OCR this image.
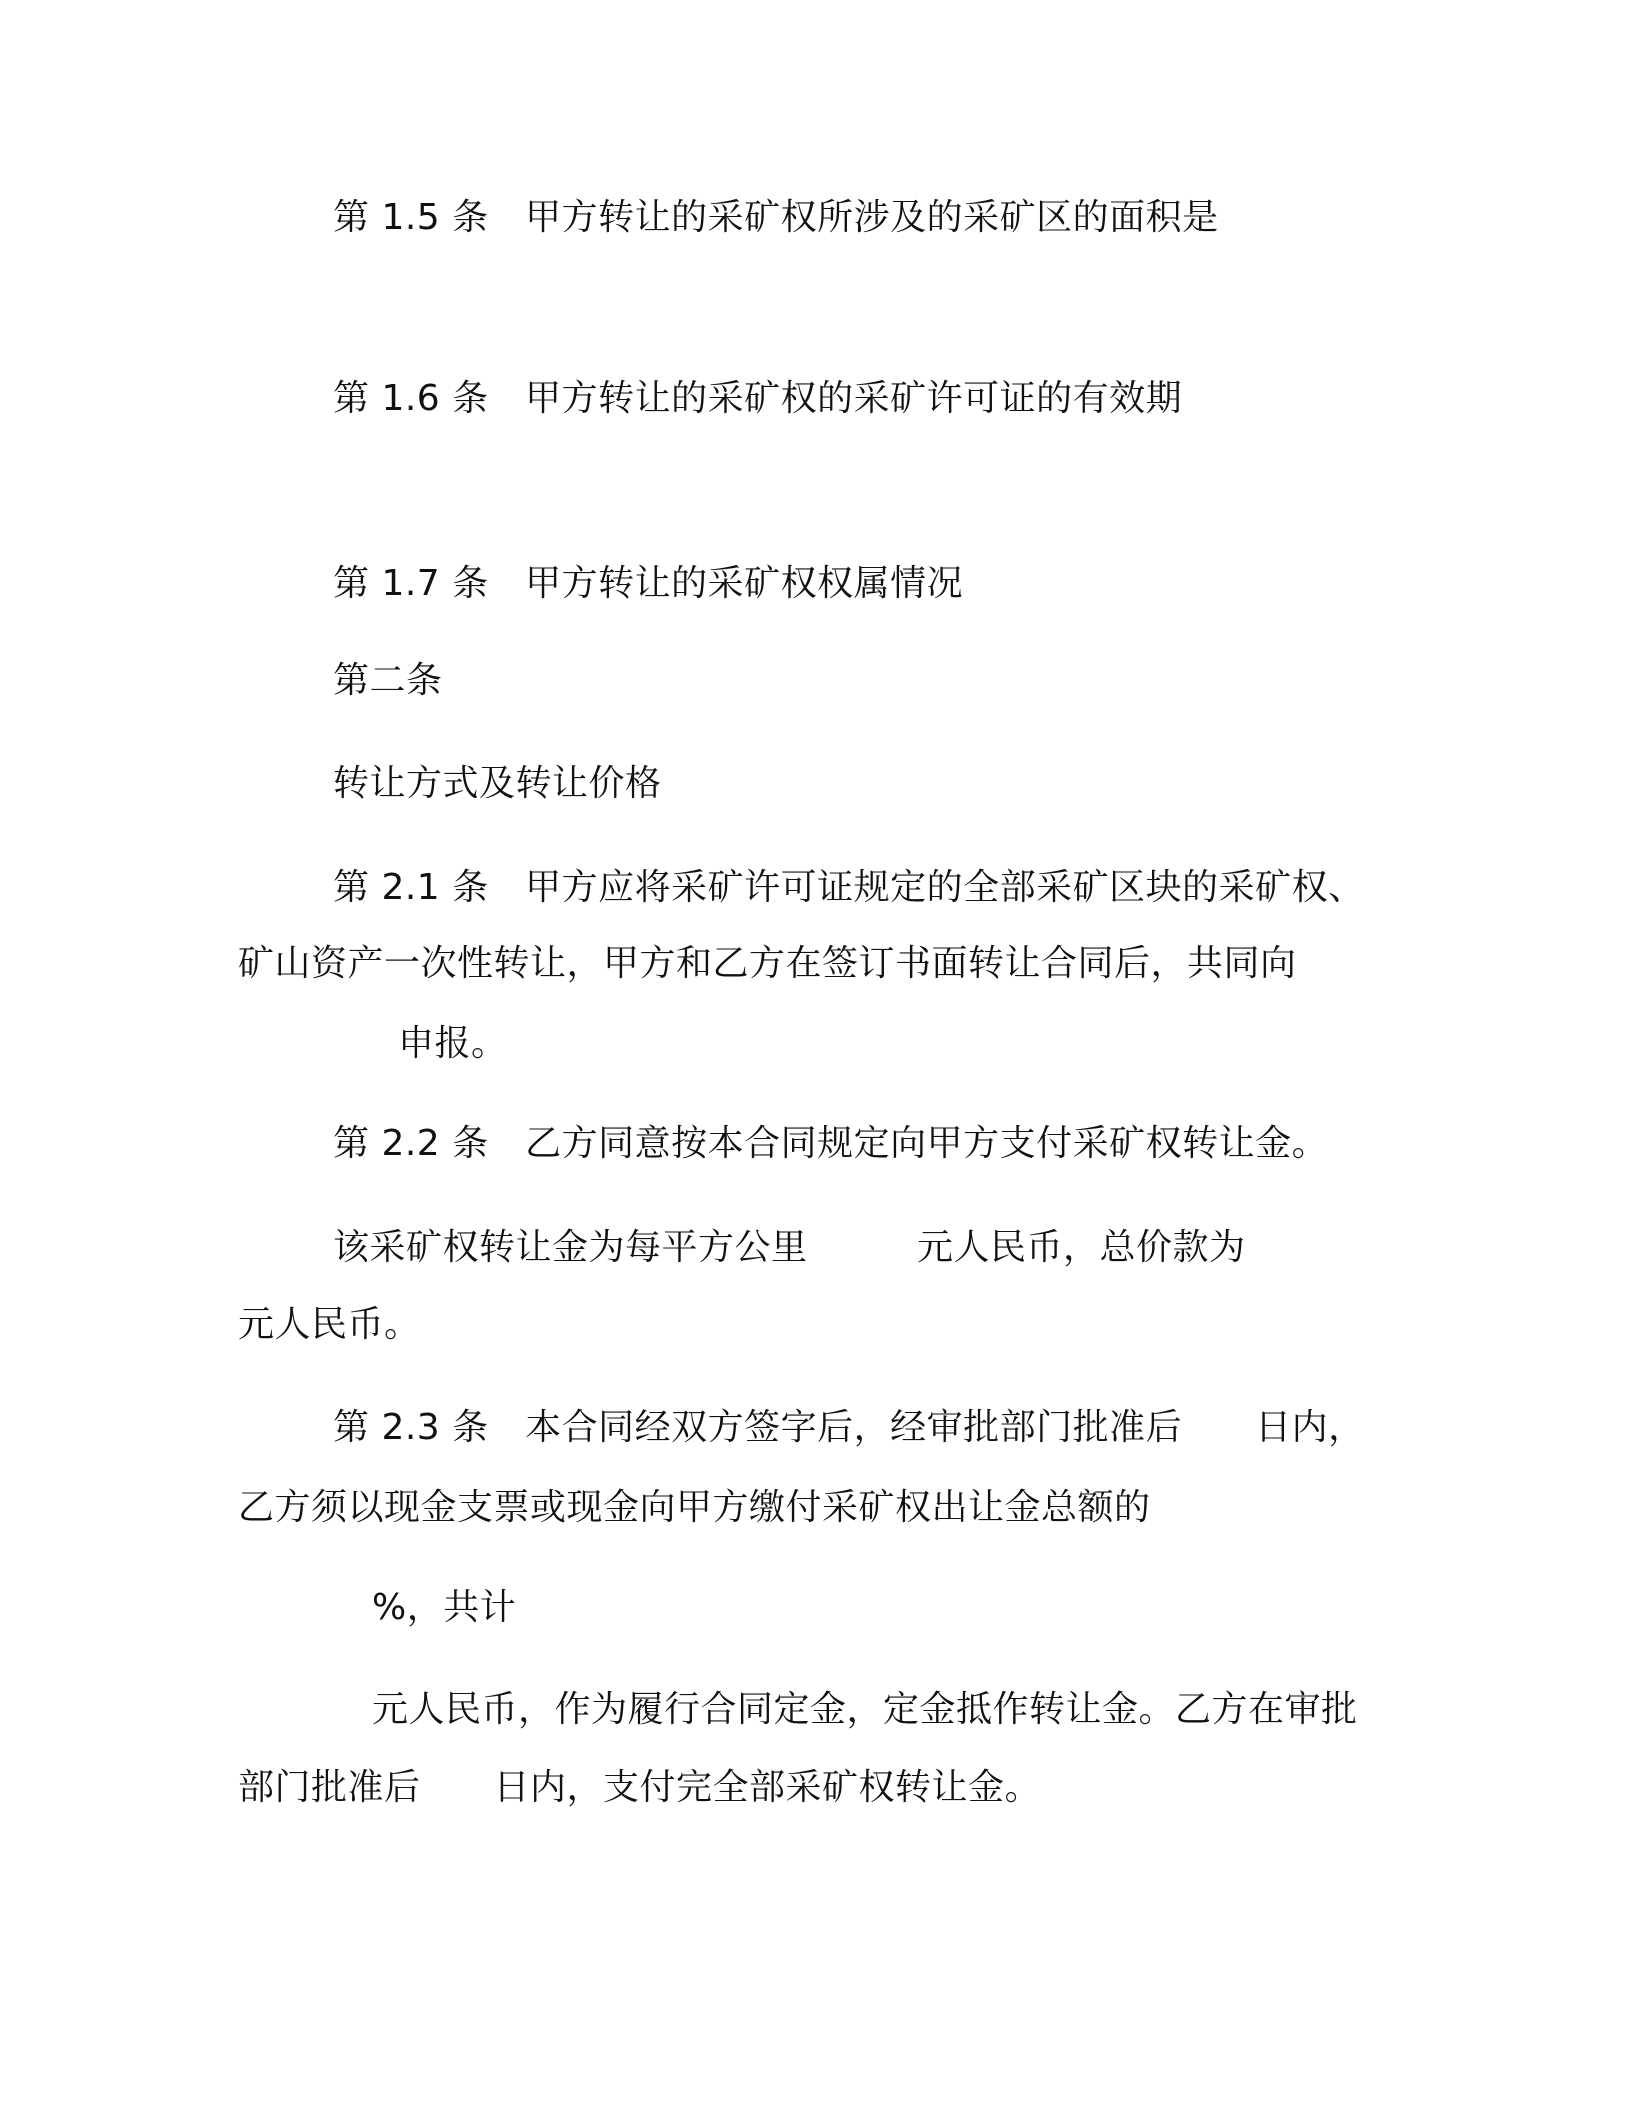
第 1.5 条　甲方转让的采矿权所涉及的采矿区的面积是
第 1.6 条　甲方转让的采矿权的采矿许可证的有效期
第 1.7 条　甲方转让的采矿权权属情况
第二条
转让方式及转让价格
第 2.1 条　甲方应将采矿许可证规定的全部采矿区块的采矿权、
矿山资产一次性转让，甲方和乙方在签订书面转让合同后，共同向
申报。
第 2.2 条　乙方同意按本合同规定向甲方支付采矿权转让金。
该采矿权转让金为每平方公里　　　元人民币，总价款为
元人民币。
第 2.3 条　本合同经双方签字后，经审批部门批准后　　日内，
乙方须以现金支票或现金向甲方缴付采矿权出让金总额的
%，共计
元人民币，作为履行合同定金，定金抵作转让金。乙方在审批
部门批准后　　日内，支付完全部采矿权转让金。
